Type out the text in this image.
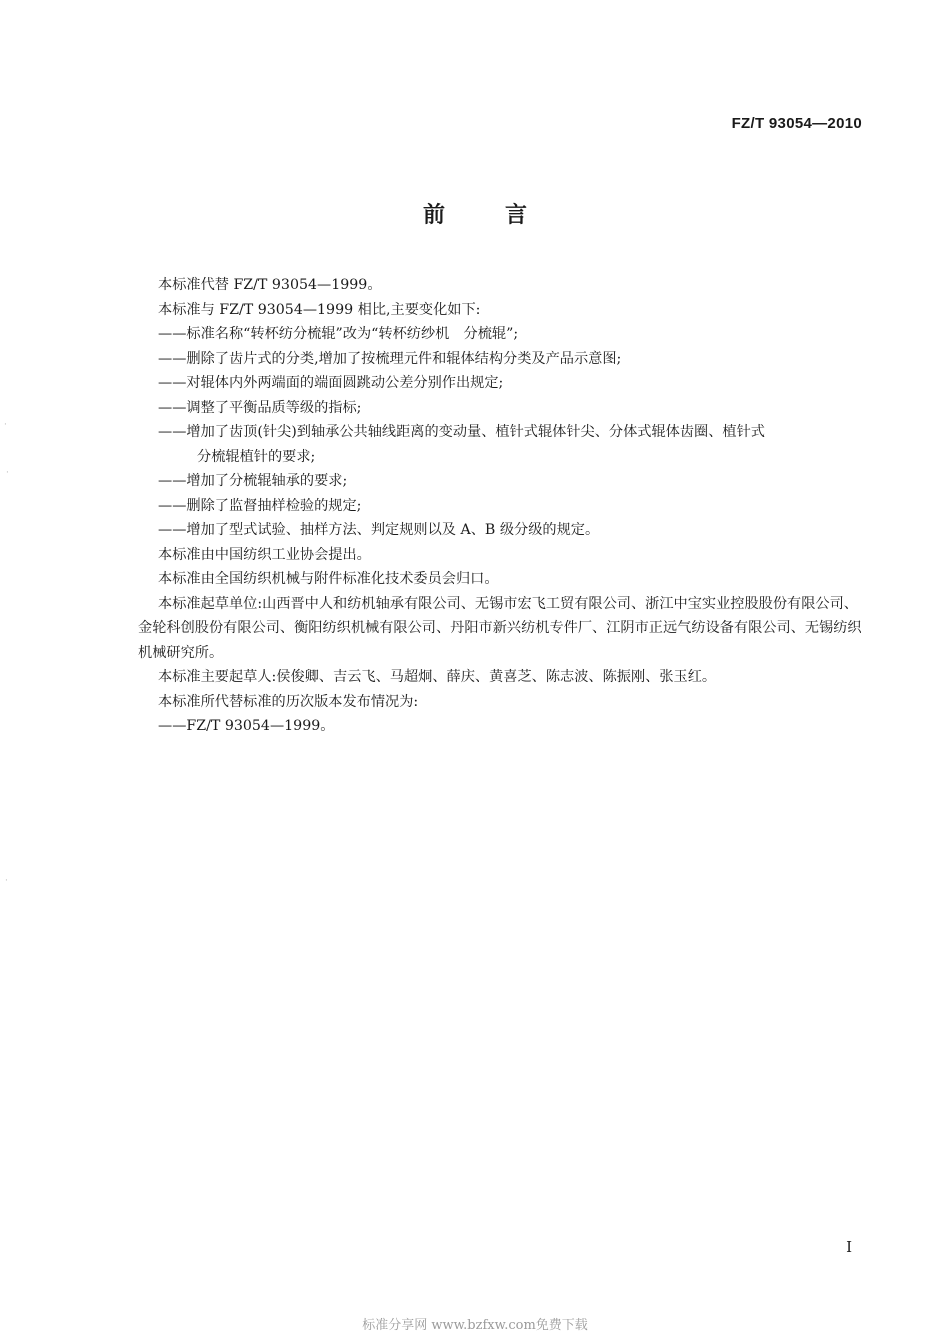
FZ/T 93054—2010
前言

本标准代替 FZ/T 93054—1999。

本标准与 FZ/T 93054—1999 相比,主要变化如下:

——标准名称“转杯纺分梳辊”改为“转杯纺纱机　分梳辊”;

——删除了齿片式的分类,增加了按梳理元件和辊体结构分类及产品示意图;

——对辊体内外两端面的端面圆跳动公差分别作出规定;

——调整了平衡品质等级的指标;

——增加了齿顶(针尖)到轴承公共轴线距离的变动量、植针式辊体针尖、分体式辊体齿圈、植针式

分梳辊植针的要求;

——增加了分梳辊轴承的要求;

——删除了监督抽样检验的规定;

——增加了型式试验、抽样方法、判定规则以及 A、B 级分级的规定。

本标准由中国纺织工业协会提出。

本标准由全国纺织机械与附件标准化技术委员会归口。

本标准起草单位:山西晋中人和纺机轴承有限公司、无锡市宏飞工贸有限公司、浙江中宝实业控股股份有限公司、金轮科创股份有限公司、衡阳纺织机械有限公司、丹阳市新兴纺机专件厂、江阴市正远气纺设备有限公司、无锡纺织机械研究所。

本标准主要起草人:侯俊卿、吉云飞、马超炯、薛庆、黄喜芝、陈志波、陈振刚、张玉红。

本标准所代替标准的历次版本发布情况为:

——FZ/T 93054—1999。

I
标准分享网 www.bzfxw.com免费下载
·
·
·
